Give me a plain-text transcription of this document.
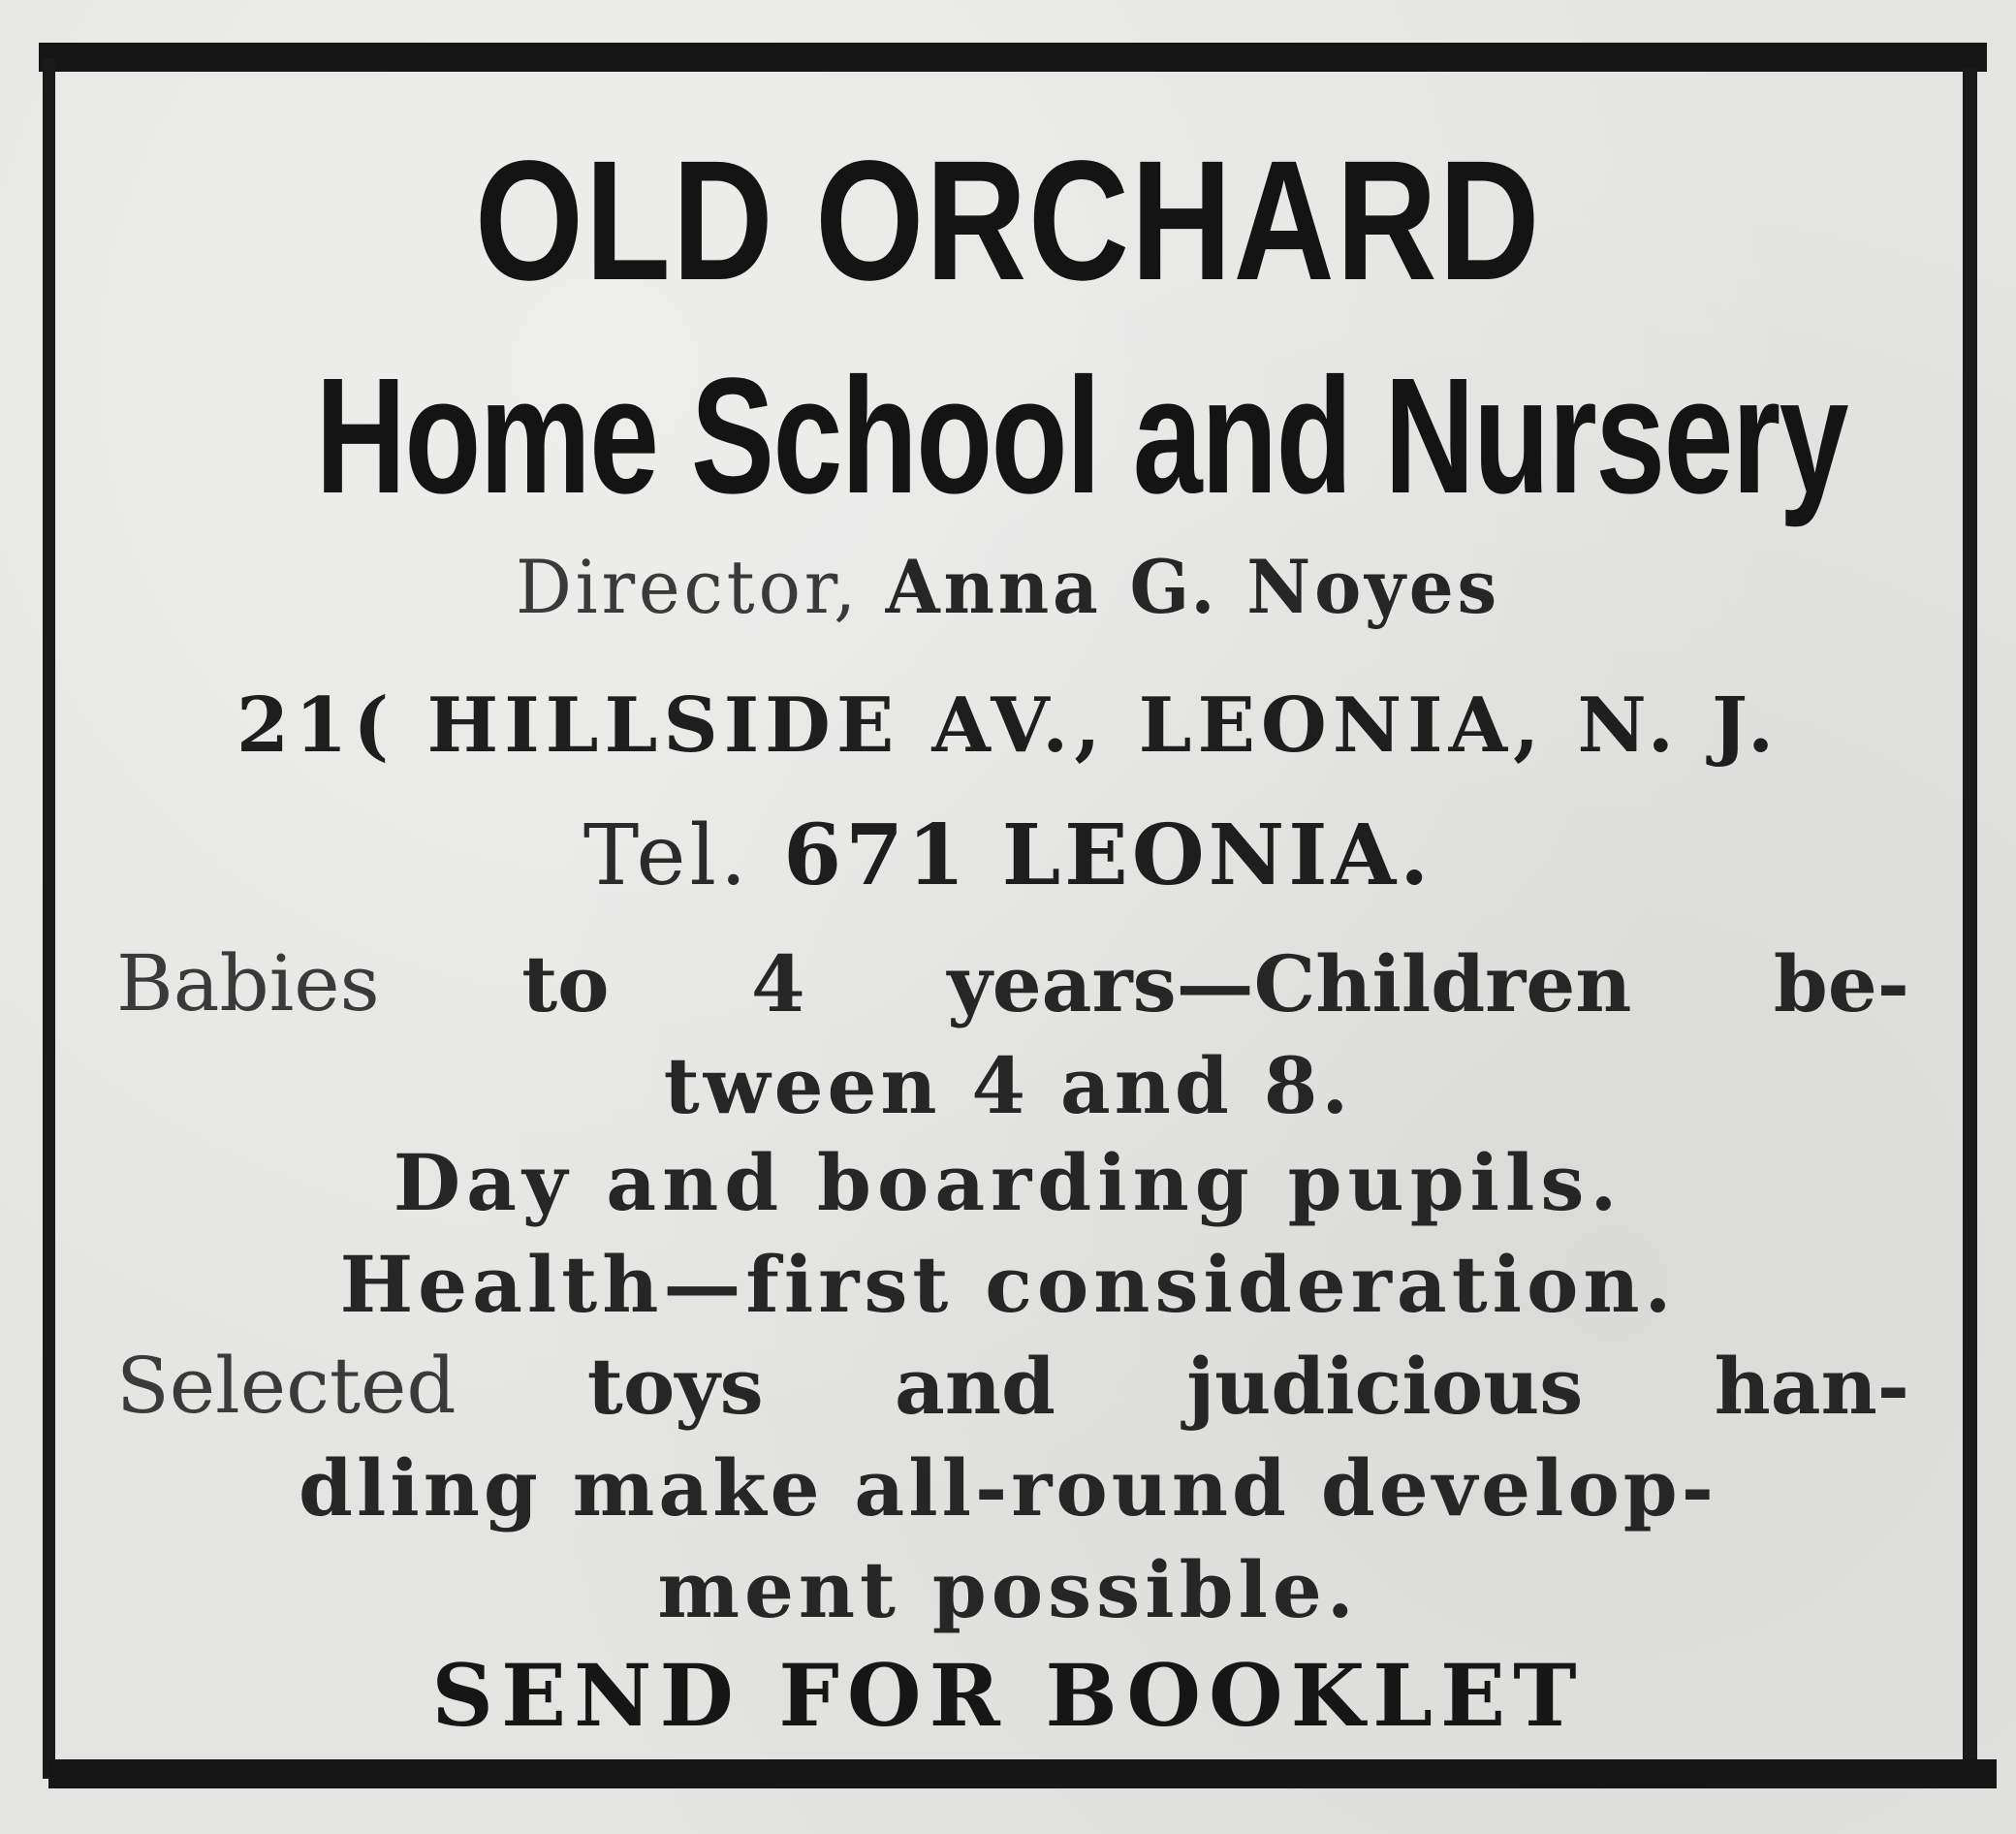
OLD ORCHARD
Home School and Nursery
Director, Anna G. Noyes
21( HILLSIDE AV., LEONIA, N. J.
Tel. 671 LEONIA.
Babies to 4 years—Children be-
tween 4 and 8.
Day and boarding pupils.
Health—first consideration.
Selected toys and judicious han-
dling make all-round develop-
ment possible.
SEND FOR BOOKLET
